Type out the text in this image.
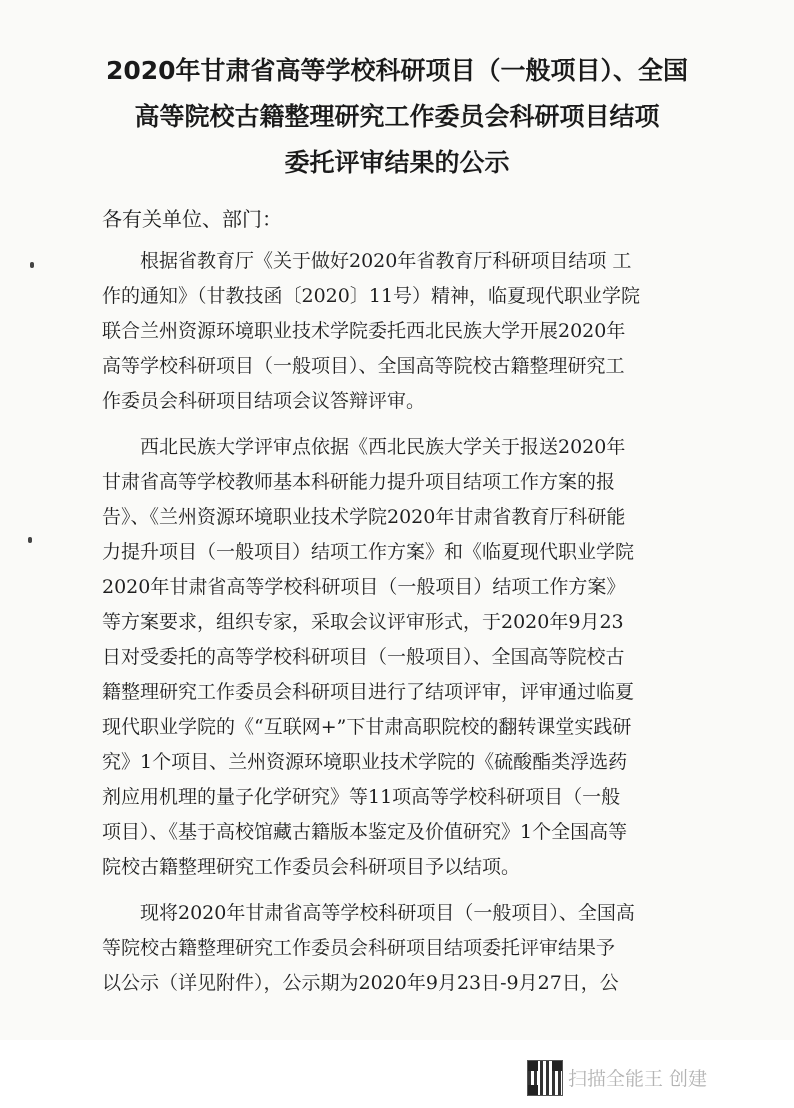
2020年甘肃省高等学校科研项目（一般项目）、全国
高等院校古籍整理研究工作委员会科研项目结项
委托评审结果的公示
各有关单位、部门：
　　根据省教育厅《关于做好2020年省教育厅科研项目结项 工
作的通知》（甘教技函〔2020〕11号）精神，临夏现代职业学院
联合兰州资源环境职业技术学院委托西北民族大学开展2020年
高等学校科研项目（一般项目）、全国高等院校古籍整理研究工
作委员会科研项目结项会议答辩评审。
　　西北民族大学评审点依据《西北民族大学关于报送2020年
甘肃省高等学校教师基本科研能力提升项目结项工作方案的报
告》、《兰州资源环境职业技术学院2020年甘肃省教育厅科研能
力提升项目（一般项目）结项工作方案》和《临夏现代职业学院
2020年甘肃省高等学校科研项目（一般项目）结项工作方案》
等方案要求，组织专家，采取会议评审形式，于2020年9月23
日对受委托的高等学校科研项目（一般项目）、全国高等院校古
籍整理研究工作委员会科研项目进行了结项评审，评审通过临夏
现代职业学院的《“互联网+”下甘肃高职院校的翻转课堂实践研
究》1个项目、兰州资源环境职业技术学院的《硫酸酯类浮选药
剂应用机理的量子化学研究》等11项高等学校科研项目（一般
项目）、《基于高校馆藏古籍版本鉴定及价值研究》1个全国高等
院校古籍整理研究工作委员会科研项目予以结项。
　　现将2020年甘肃省高等学校科研项目（一般项目）、全国高
等院校古籍整理研究工作委员会科研项目结项委托评审结果予
以公示（详见附件），公示期为2020年9月23日-9月27日，公
扫描全能王 创建
